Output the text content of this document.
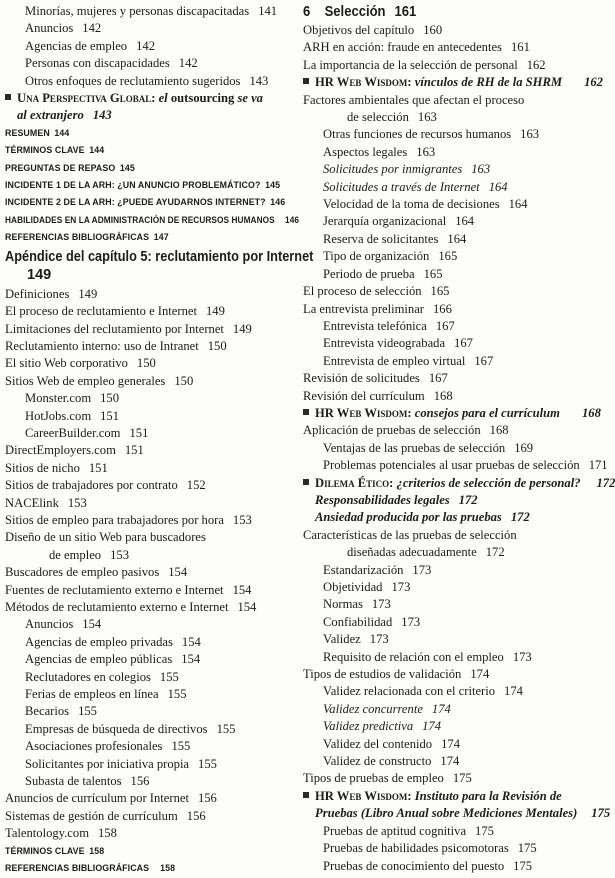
Minorías, mujeres y personas discapacitadas 141
Anuncios 142
Agencias de empleo 142
Personas con discapacidades 142
Otros enfoques de reclutamiento sugeridos 143
Una Perspectiva Global: el outsourcing se va
al extranjero 143
RESUMEN 144
TÉRMINOS CLAVE 144
PREGUNTAS DE REPASO 145
INCIDENTE 1 DE LA ARH: ¿UN ANUNCIO PROBLEMÁTICO? 145
INCIDENTE 2 DE LA ARH: ¿PUEDE AYUDARNOS INTERNET? 146
HABILIDADES EN LA ADMINISTRACIÓN DE RECURSOS HUMANOS 146
REFERENCIAS BIBLIOGRÁFICAS 147
Apéndice del capítulo 5: reclutamiento por Internet
149
Definiciones 149
El proceso de reclutamiento e Internet 149
Limitaciones del reclutamiento por Internet 149
Reclutamiento interno: uso de Intranet 150
El sitio Web corporativo 150
Sitios Web de empleo generales 150
Monster.com 150
HotJobs.com 151
CareerBuilder.com 151
DirectEmployers.com 151
Sitios de nicho 151
Sitios de trabajadores por contrato 152
NACElink 153
Sitios de empleo para trabajadores por hora 153
Diseño de un sitio Web para buscadores
de empleo 153
Buscadores de empleo pasivos 154
Fuentes de reclutamiento externo e Internet 154
Métodos de reclutamiento externo e Internet 154
Anuncios 154
Agencias de empleo privadas 154
Agencias de empleo públicas 154
Reclutadores en colegios 155
Ferias de empleos en línea 155
Becarios 155
Empresas de búsqueda de directivos 155
Asociaciones profesionales 155
Solicitantes por iniciativa propia 155
Subasta de talentos 156
Anuncios de currículum por Internet 156
Sistemas de gestión de currículum 156
Talentology.com 158
TÉRMINOS CLAVE 158
REFERENCIAS BIBLIOGRÁFICAS 158
6 Selección 161
Objetivos del capítulo 160
ARH en acción: fraude en antecedentes 161
La importancia de la selección de personal 162
HR Web Wisdom: vínculos de RH de la SHRM 162
Factores ambientales que afectan el proceso
de selección 163
Otras funciones de recursos humanos 163
Aspectos legales 163
Solicitudes por inmigrantes 163
Solicitudes a través de Internet 164
Velocidad de la toma de decisiones 164
Jerarquía organizacional 164
Reserva de solicitantes 164
Tipo de organización 165
Periodo de prueba 165
El proceso de selección 165
La entrevista preliminar 166
Entrevista telefónica 167
Entrevista videograbada 167
Entrevista de empleo virtual 167
Revisión de solicitudes 167
Revisión del currículum 168
HR Web Wisdom: consejos para el currículum 168
Aplicación de pruebas de selección 168
Ventajas de las pruebas de selección 169
Problemas potenciales al usar pruebas de selección 171
Dilema Ético: ¿criterios de selección de personal? 172
Responsabilidades legales 172
Ansiedad producida por las pruebas 172
Características de las pruebas de selección
diseñadas adecuadamente 172
Estandarización 173
Objetividad 173
Normas 173
Confiabilidad 173
Validez 173
Requisito de relación con el empleo 173
Tipos de estudios de validación 174
Validez relacionada con el criterio 174
Validez concurrente 174
Validez predictiva 174
Validez del contenido 174
Validez de constructo 174
Tipos de pruebas de empleo 175
HR Web Wisdom: Instituto para la Revisión de
Pruebas (Libro Anual sobre Mediciones Mentales) 175
Pruebas de aptitud cognitiva 175
Pruebas de habilidades psicomotoras 175
Pruebas de conocimiento del puesto 175
